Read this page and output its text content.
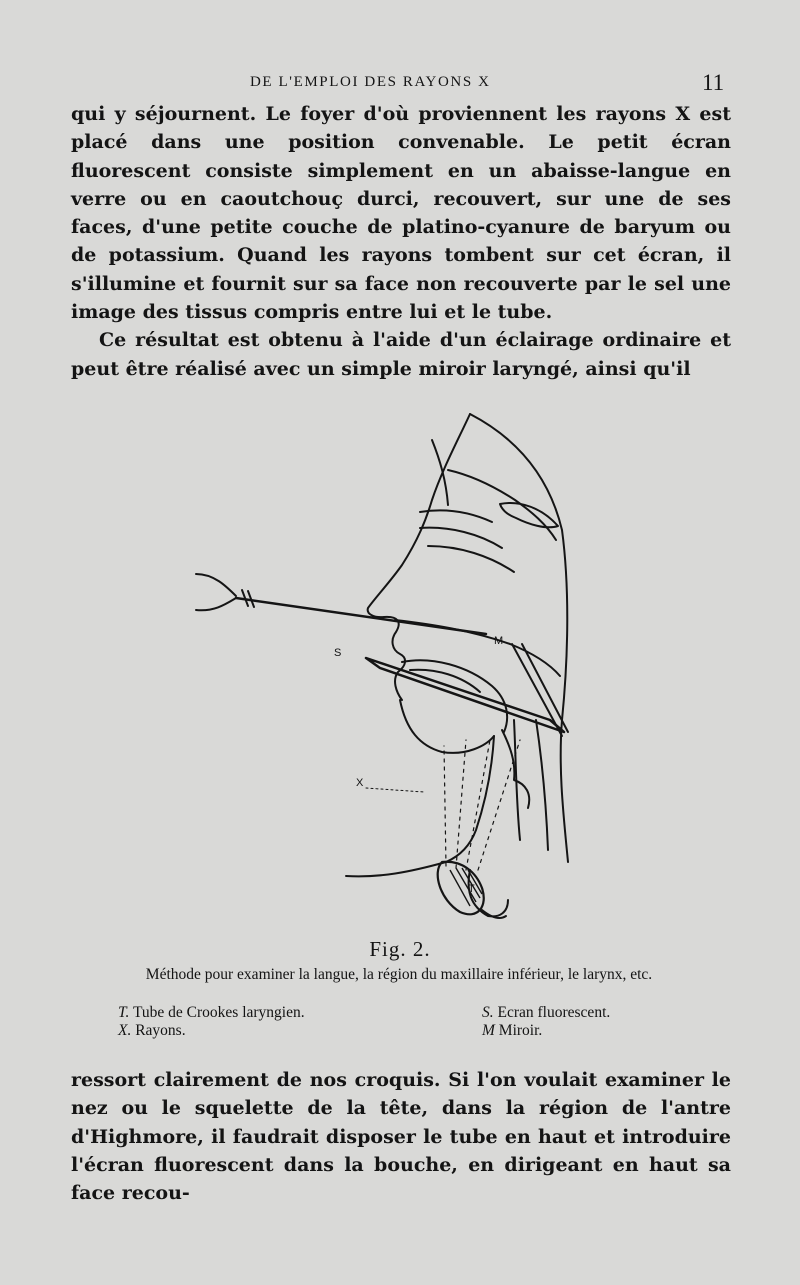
DE L'EMPLOI DES RAYONS X	11

qui y séjournent. Le foyer d'où proviennent les rayons X est placé dans une position convenable. Le petit écran fluorescent consiste simplement en un abaisse-langue en verre ou en caoutchouç durci, recouvert, sur une de ses faces, d'une petite couche de platino-cyanure de baryum ou de potassium. Quand les rayons tombent sur cet écran, il s'illumine et fournit sur sa face non recouverte par le sel une image des tissus compris entre lui et le tube.

Ce résultat est obtenu à l'aide d'un éclairage ordinaire et peut être réalisé avec un simple miroir laryngé, ainsi qu'il

S
M
X
T
Fig. 2.
Méthode pour examiner la langue, la région du maxillaire inférieur, le larynx, etc.
T. Tube de Crookes laryngien.
X. Rayons.
S. Ecran fluorescent.
M Miroir.

ressort clairement de nos croquis. Si l'on voulait examiner le nez ou le squelette de la tête, dans la région de l'antre d'Highmore, il faudrait disposer le tube en haut et introduire l'écran fluorescent dans la bouche, en dirigeant en haut sa face recou-
